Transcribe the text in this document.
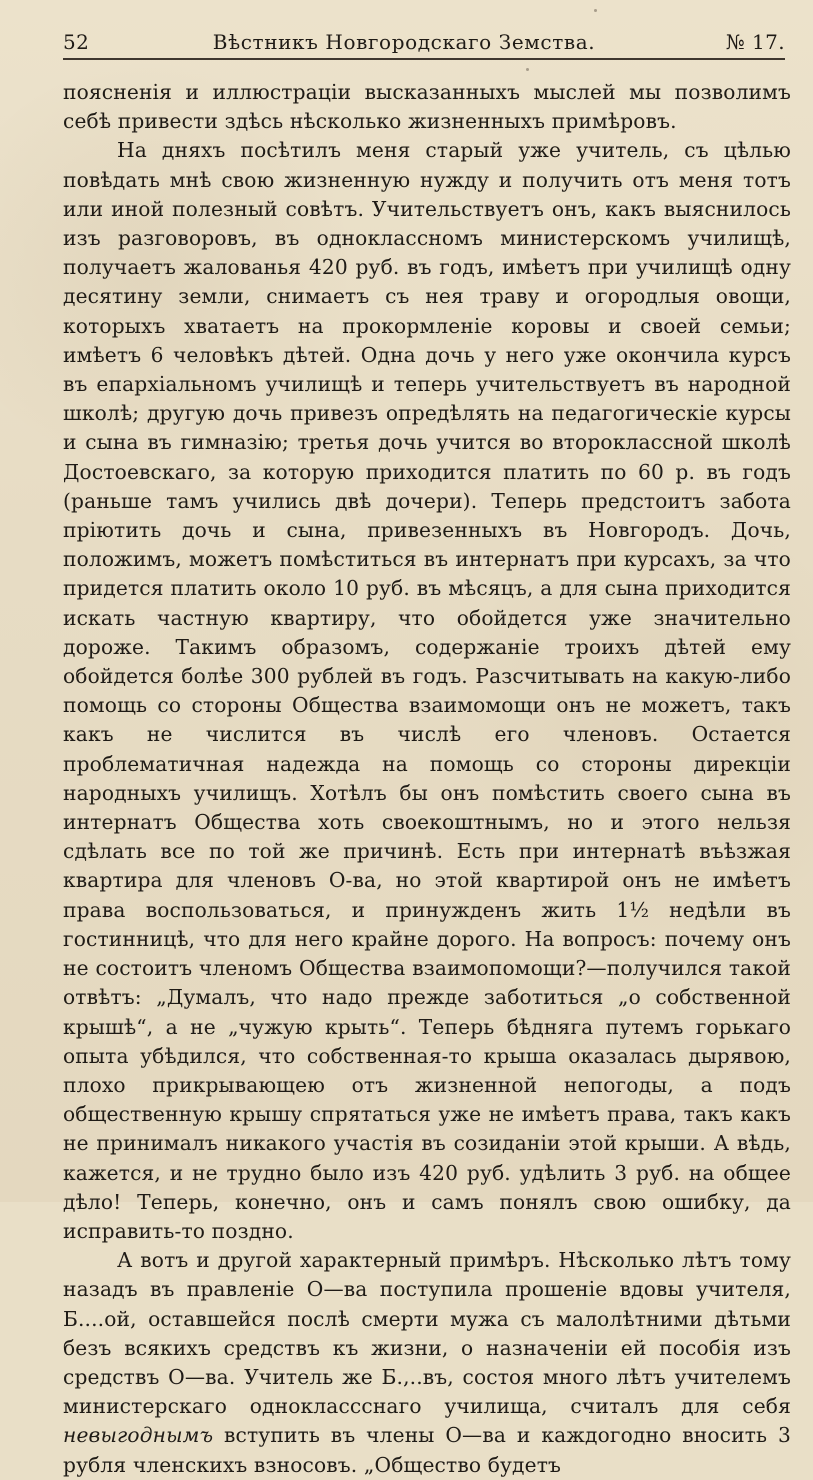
52	Вѣстникъ Новгородскаго Земства.	№ 17.

поясненія и иллюстраціи высказанныхъ мыслей мы позволимъ себѣ привести здѣсь нѣсколько жизненныхъ примѣровъ.

На дняхъ посѣтилъ меня старый уже учитель, съ цѣлью повѣдать мнѣ свою жизненную нужду и получить отъ меня тотъ или иной полезный совѣтъ. Учительствуетъ онъ, какъ выяснилось изъ разговоровъ, въ одноклассномъ министерскомъ училищѣ, получаетъ жалованья 420 руб. въ годъ, имѣетъ при училищѣ одну десятину земли, снимаетъ съ нея траву и огородлыя овощи, которыхъ хватаетъ на прокормленіе коровы и своей семьи; имѣетъ 6 человѣкъ дѣтей. Одна дочь у него уже окончила курсъ въ епархіальномъ училищѣ и теперь учительствуетъ въ народной школѣ; другую дочь привезъ опредѣлять на педагогическіе курсы и сына въ гимназію; третья дочь учится во второклассной школѣ Достоевскаго, за которую приходится платить по 60 р. въ годъ (раньше тамъ учились двѣ дочери). Теперь предстоитъ забота пріютить дочь и сына, привезенныхъ въ Новгородъ. Дочь, положимъ, можетъ помѣститься въ интернатъ при курсахъ, за что придется платить около 10 руб. въ мѣсяцъ, а для сына приходится искать частную квартиру, что обойдется уже значительно дороже. Такимъ образомъ, содержаніе троихъ дѣтей ему обойдется болѣе 300 рублей въ годъ. Разсчитывать на какую-либо помощь со стороны Общества взаимомощи онъ не можетъ, такъ какъ не числится въ числѣ его членовъ. Остается проблематичная надежда на помощь со стороны дирекціи народныхъ училищъ. Хотѣлъ бы онъ помѣстить своего сына въ интернатъ Общества хоть своекоштнымъ, но и этого нельзя сдѣлать все по той же причинѣ. Есть при интернатѣ въѣзжая квартира для членовъ О-ва, но этой квартирой онъ не имѣетъ права воспользоваться, и принужденъ жить 1½ недѣли въ гостинницѣ, что для него крайне дорого. На вопросъ: почему онъ не состоитъ членомъ Общества взаимопомощи?—получился такой отвѣтъ: „Думалъ, что надо прежде заботиться „о собственной крышѣ“, а не „чужую крыть“. Теперь бѣдняга путемъ горькаго опыта убѣдился, что собственная-то крыша оказалась дырявою, плохо прикрывающею отъ жизненной непогоды, а подъ общественную крышу спрятаться уже не имѣетъ права, такъ какъ не принималъ никакого участія въ созиданіи этой крыши. А вѣдь, кажется, и не трудно было изъ 420 руб. удѣлить 3 руб. на общее дѣло! Теперь, конечно, онъ и самъ понялъ свою ошибку, да исправить-то поздно.

А вотъ и другой характерный примѣръ. Нѣсколько лѣтъ тому назадъ въ правленіе О—ва поступила прошеніе вдовы учителя, Б....ой, оставшейся послѣ смерти мужа съ малолѣтними дѣтьми безъ всякихъ средствъ къ жизни, о назначеніи ей пособія изъ средствъ О—ва. Учитель же Б.,..въ, состоя много лѣтъ учителемъ министерскаго одноклассснаго училища, считалъ для себя невыгоднымъ вступить въ члены О—ва и каждогодно вносить 3 рубля членскихъ взносовъ. „Общество будетъ
